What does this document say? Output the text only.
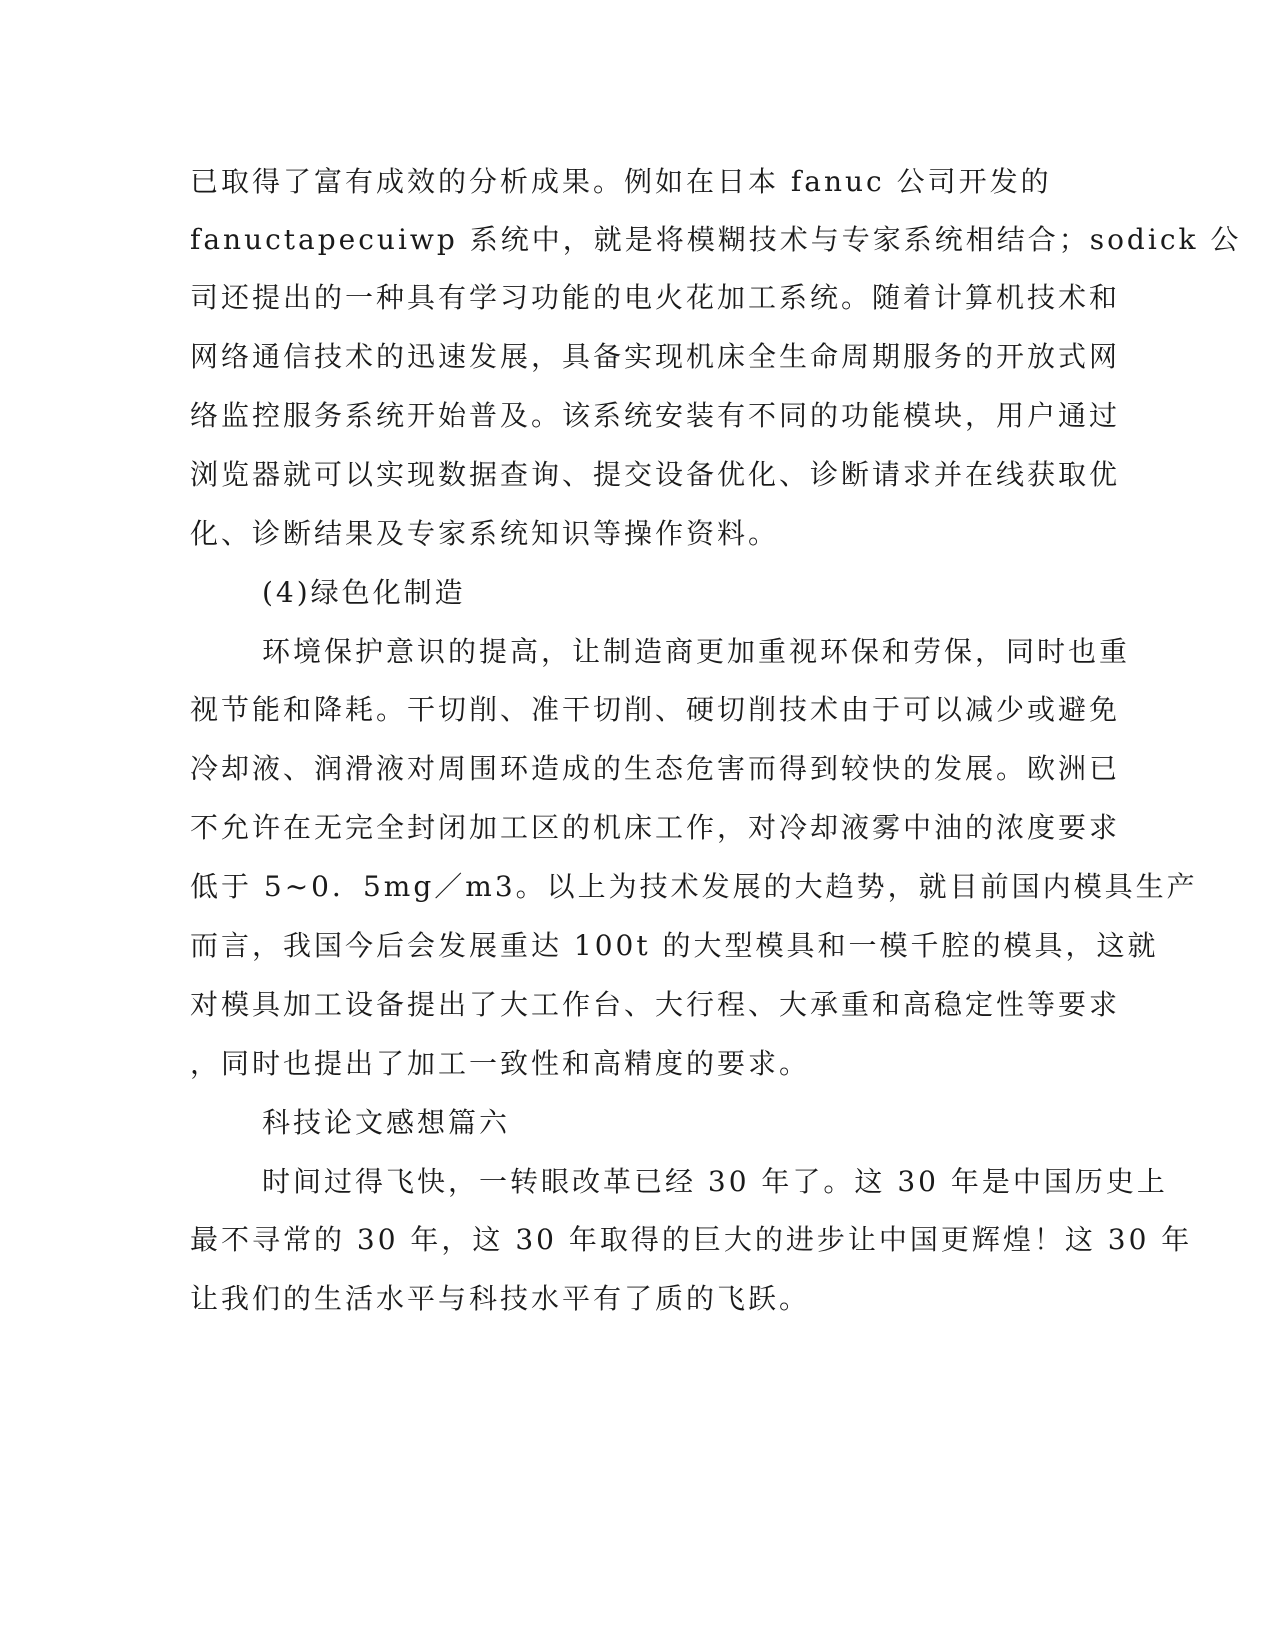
已取得了富有成效的分析成果。例如在日本 fanuc 公司开发的

fanuctapecuiwp 系统中，就是将模糊技术与专家系统相结合；sodick 公

司还提出的一种具有学习功能的电火花加工系统。随着计算机技术和

网络通信技术的迅速发展，具备实现机床全生命周期服务的开放式网

络监控服务系统开始普及。该系统安装有不同的功能模块，用户通过

浏览器就可以实现数据查询、提交设备优化、诊断请求并在线获取优

化、诊断结果及专家系统知识等操作资料。

(4)绿色化制造

环境保护意识的提高，让制造商更加重视环保和劳保，同时也重

视节能和降耗。干切削、准干切削、硬切削技术由于可以减少或避免

冷却液、润滑液对周围环造成的生态危害而得到较快的发展。欧洲已

不允许在无完全封闭加工区的机床工作，对冷却液雾中油的浓度要求

低于 5~0．5mg／m3。以上为技术发展的大趋势，就目前国内模具生产

而言，我国今后会发展重达 100t 的大型模具和一模千腔的模具，这就

对模具加工设备提出了大工作台、大行程、大承重和高稳定性等要求

，同时也提出了加工一致性和高精度的要求。

科技论文感想篇六

时间过得飞快，一转眼改革已经 30 年了。这 30 年是中国历史上

最不寻常的 30 年，这 30 年取得的巨大的进步让中国更辉煌！这 30 年

让我们的生活水平与科技水平有了质的飞跃。
